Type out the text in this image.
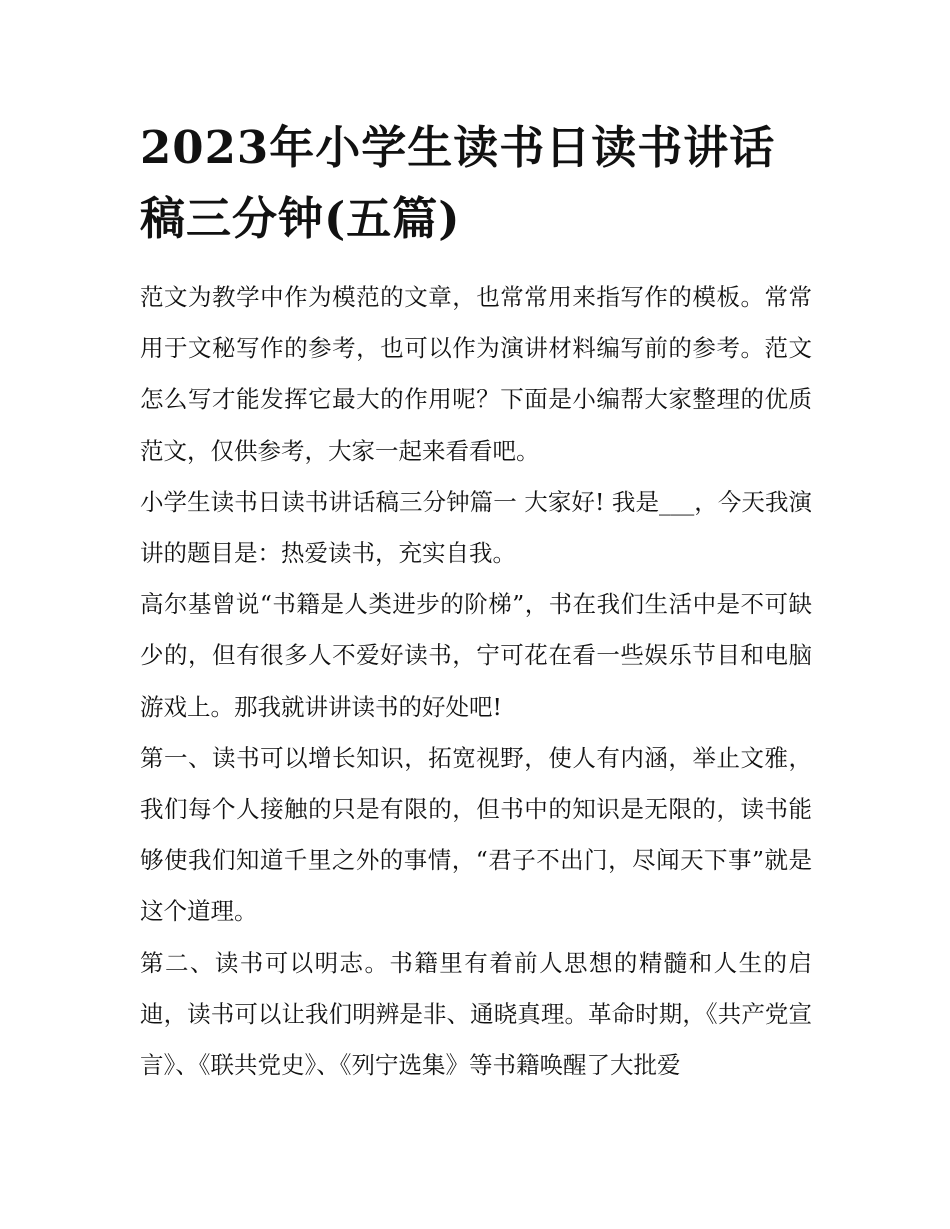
2023年小学生读书日读书讲话稿三分钟(五篇)

范文为教学中作为模范的文章，也常常用来指写作的模板。常常用于文秘写作的参考，也可以作为演讲材料编写前的参考。范文怎么写才能发挥它最大的作用呢？下面是小编帮大家整理的优质范文，仅供参考，大家一起来看看吧。

小学生读书日读书讲话稿三分钟篇一 大家好! 我是___，今天我演讲的题目是：热爱读书，充实自我。

高尔基曾说“书籍是人类进步的阶梯”，书在我们生活中是不可缺少的，但有很多人不爱好读书，宁可花在看一些娱乐节目和电脑游戏上。那我就讲讲读书的好处吧!

第一、读书可以增长知识，拓宽视野，使人有内涵，举止文雅，我们每个人接触的只是有限的，但书中的知识是无限的，读书能够使我们知道千里之外的事情，“君子不出门，尽闻天下事”就是这个道理。

第二、读书可以明志。书籍里有着前人思想的精髓和人生的启迪，读书可以让我们明辨是非、通晓真理。革命时期，《共产党宣言》、《联共党史》、《列宁选集》等书籍唤醒了大批爱
